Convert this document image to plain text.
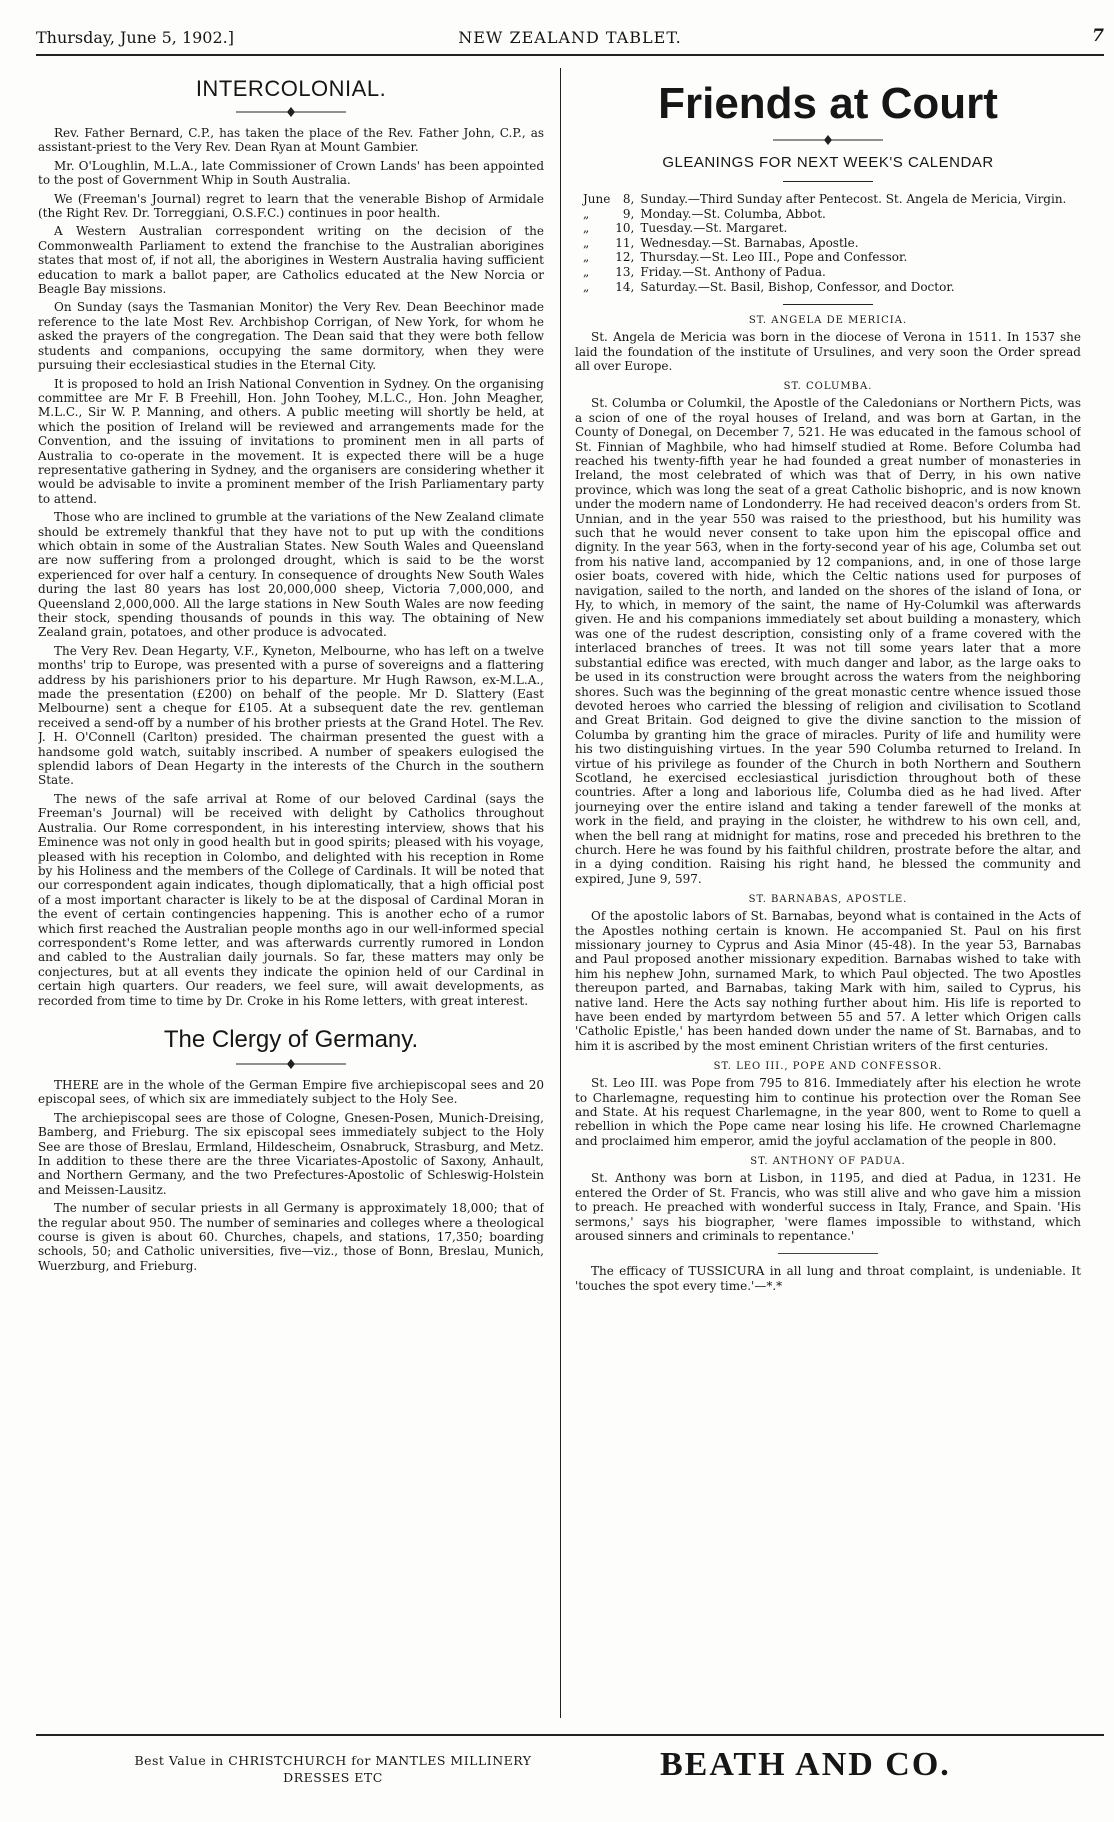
Thursday, June 5, 1902.]	NEW ZEALAND TABLET.	7
INTERCOLONIAL.

Rev. Father Bernard, C.P., has taken the place of the Rev. Father John, C.P., as assistant-priest to the Very Rev. Dean Ryan at Mount Gambier.

Mr. O'Loughlin, M.L.A., late Commissioner of Crown Lands' has been appointed to the post of Government Whip in South Australia.

We (Freeman's Journal) regret to learn that the venerable Bishop of Armidale (the Right Rev. Dr. Torreggiani, O.S.F.C.) continues in poor health.

A Western Australian correspondent writing on the decision of the Commonwealth Parliament to extend the franchise to the Australian aborigines states that most of, if not all, the aborigines in Western Australia having sufficient education to mark a ballot paper, are Catholics educated at the New Norcia or Beagle Bay missions.

On Sunday (says the Tasmanian Monitor) the Very Rev. Dean Beechinor made reference to the late Most Rev. Archbishop Corrigan, of New York, for whom he asked the prayers of the congregation. The Dean said that they were both fellow students and companions, occupying the same dormitory, when they were pursuing their ecclesiastical studies in the Eternal City.

It is proposed to hold an Irish National Convention in Sydney. On the organising committee are Mr F. B Freehill, Hon. John Toohey, M.L.C., Hon. John Meagher, M.L.C., Sir W. P. Manning, and others. A public meeting will shortly be held, at which the position of Ireland will be reviewed and arrangements made for the Convention, and the issuing of invitations to prominent men in all parts of Australia to co-operate in the movement. It is expected there will be a huge representative gathering in Sydney, and the organisers are considering whether it would be advisable to invite a prominent member of the Irish Parliamentary party to attend.

Those who are inclined to grumble at the variations of the New Zealand climate should be extremely thankful that they have not to put up with the conditions which obtain in some of the Australian States. New South Wales and Queensland are now suffering from a prolonged drought, which is said to be the worst experienced for over half a century. In consequence of droughts New South Wales during the last 80 years has lost 20,000,000 sheep, Victoria 7,000,000, and Queensland 2,000,000. All the large stations in New South Wales are now feeding their stock, spending thousands of pounds in this way. The obtaining of New Zealand grain, potatoes, and other produce is advocated.

The Very Rev. Dean Hegarty, V.F., Kyneton, Melbourne, who has left on a twelve months' trip to Europe, was presented with a purse of sovereigns and a flattering address by his parishioners prior to his departure. Mr Hugh Rawson, ex-M.L.A., made the presentation (£200) on behalf of the people. Mr D. Slattery (East Melbourne) sent a cheque for £105. At a subsequent date the rev. gentleman received a send-off by a number of his brother priests at the Grand Hotel. The Rev. J. H. O'Connell (Carlton) presided. The chairman presented the guest with a handsome gold watch, suitably inscribed. A number of speakers eulogised the splendid labors of Dean Hegarty in the interests of the Church in the southern State.

The news of the safe arrival at Rome of our beloved Cardinal (says the Freeman's Journal) will be received with delight by Catholics throughout Australia. Our Rome correspondent, in his interesting interview, shows that his Eminence was not only in good health but in good spirits; pleased with his voyage, pleased with his reception in Colombo, and delighted with his reception in Rome by his Holiness and the members of the College of Cardinals. It will be noted that our correspondent again indicates, though diplomatically, that a high official post of a most important character is likely to be at the disposal of Cardinal Moran in the event of certain contingencies happening. This is another echo of a rumor which first reached the Australian people months ago in our well-informed special correspondent's Rome letter, and was afterwards currently rumored in London and cabled to the Australian daily journals. So far, these matters may only be conjectures, but at all events they indicate the opinion held of our Cardinal in certain high quarters. Our readers, we feel sure, will await developments, as recorded from time to time by Dr. Croke in his Rome letters, with great interest.

The Clergy of Germany.

THERE are in the whole of the German Empire five archiepiscopal sees and 20 episcopal sees, of which six are immediately subject to the Holy See.

The archiepiscopal sees are those of Cologne, Gnesen-Posen, Munich-Dreising, Bamberg, and Frieburg. The six episcopal sees immediately subject to the Holy See are those of Breslau, Ermland, Hildescheim, Osnabruck, Strasburg, and Metz. In addition to these there are the three Vicariates-Apostolic of Saxony, Anhault, and Northern Germany, and the two Prefectures-Apostolic of Schleswig-Holstein and Meissen-Lausitz.

The number of secular priests in all Germany is approximately 18,000; that of the regular about 950. The number of seminaries and colleges where a theological course is given is about 60. Churches, chapels, and stations, 17,350; boarding schools, 50; and Catholic universities, five—viz., those of Bonn, Breslau, Munich, Wuerzburg, and Frieburg.

Friends at Court
GLEANINGS FOR NEXT WEEK'S CALENDAR
June	8,	Sunday.—Third Sunday after Pentecost. St. Angela de Mericia, Virgin.
„	9,	Monday.—St. Columba, Abbot.
„	10,	Tuesday.—St. Margaret.
„	11,	Wednesday.—St. Barnabas, Apostle.
„	12,	Thursday.—St. Leo III., Pope and Confessor.
„	13,	Friday.—St. Anthony of Padua.
„	14,	Saturday.—St. Basil, Bishop, Confessor, and Doctor.
ST. ANGELA DE MERICIA.

St. Angela de Mericia was born in the diocese of Verona in 1511. In 1537 she laid the foundation of the institute of Ursulines, and very soon the Order spread all over Europe.

ST. COLUMBA.

St. Columba or Columkil, the Apostle of the Caledonians or Northern Picts, was a scion of one of the royal houses of Ireland, and was born at Gartan, in the County of Donegal, on December 7, 521. He was educated in the famous school of St. Finnian of Maghbile, who had himself studied at Rome. Before Columba had reached his twenty-fifth year he had founded a great number of monasteries in Ireland, the most celebrated of which was that of Derry, in his own native province, which was long the seat of a great Catholic bishopric, and is now known under the modern name of Londonderry. He had received deacon's orders from St. Unnian, and in the year 550 was raised to the priesthood, but his humility was such that he would never consent to take upon him the episcopal office and dignity. In the year 563, when in the forty-second year of his age, Columba set out from his native land, accompanied by 12 companions, and, in one of those large osier boats, covered with hide, which the Celtic nations used for purposes of navigation, sailed to the north, and landed on the shores of the island of Iona, or Hy, to which, in memory of the saint, the name of Hy-Columkil was afterwards given. He and his companions immediately set about building a monastery, which was one of the rudest description, consisting only of a frame covered with the interlaced branches of trees. It was not till some years later that a more substantial edifice was erected, with much danger and labor, as the large oaks to be used in its construction were brought across the waters from the neighboring shores. Such was the beginning of the great monastic centre whence issued those devoted heroes who carried the blessing of religion and civilisation to Scotland and Great Britain. God deigned to give the divine sanction to the mission of Columba by granting him the grace of miracles. Purity of life and humility were his two distinguishing virtues. In the year 590 Columba returned to Ireland. In virtue of his privilege as founder of the Church in both Northern and Southern Scotland, he exercised ecclesiastical jurisdiction throughout both of these countries. After a long and laborious life, Columba died as he had lived. After journeying over the entire island and taking a tender farewell of the monks at work in the field, and praying in the cloister, he withdrew to his own cell, and, when the bell rang at midnight for matins, rose and preceded his brethren to the church. Here he was found by his faithful children, prostrate before the altar, and in a dying condition. Raising his right hand, he blessed the community and expired, June 9, 597.

ST. BARNABAS, APOSTLE.

Of the apostolic labors of St. Barnabas, beyond what is contained in the Acts of the Apostles nothing certain is known. He accompanied St. Paul on his first missionary journey to Cyprus and Asia Minor (45-48). In the year 53, Barnabas and Paul proposed another missionary expedition. Barnabas wished to take with him his nephew John, surnamed Mark, to which Paul objected. The two Apostles thereupon parted, and Barnabas, taking Mark with him, sailed to Cyprus, his native land. Here the Acts say nothing further about him. His life is reported to have been ended by martyrdom between 55 and 57. A letter which Origen calls 'Catholic Epistle,' has been handed down under the name of St. Barnabas, and to him it is ascribed by the most eminent Christian writers of the first centuries.

ST. LEO III., POPE AND CONFESSOR.

St. Leo III. was Pope from 795 to 816. Immediately after his election he wrote to Charlemagne, requesting him to continue his protection over the Roman See and State. At his request Charlemagne, in the year 800, went to Rome to quell a rebellion in which the Pope came near losing his life. He crowned Charlemagne and proclaimed him emperor, amid the joyful acclamation of the people in 800.

ST. ANTHONY OF PADUA.

St. Anthony was born at Lisbon, in 1195, and died at Padua, in 1231. He entered the Order of St. Francis, who was still alive and who gave him a mission to preach. He preached with wonderful success in Italy, France, and Spain. 'His sermons,' says his biographer, 'were flames impossible to withstand, which aroused sinners and criminals to repentance.'

The efficacy of TUSSICURA in all lung and throat complaint, is undeniable. It 'touches the spot every time.'—*.*
Best Value in CHRISTCHURCH for MANTLES MILLINERY
DRESSES ETC	BEATH AND CO.
